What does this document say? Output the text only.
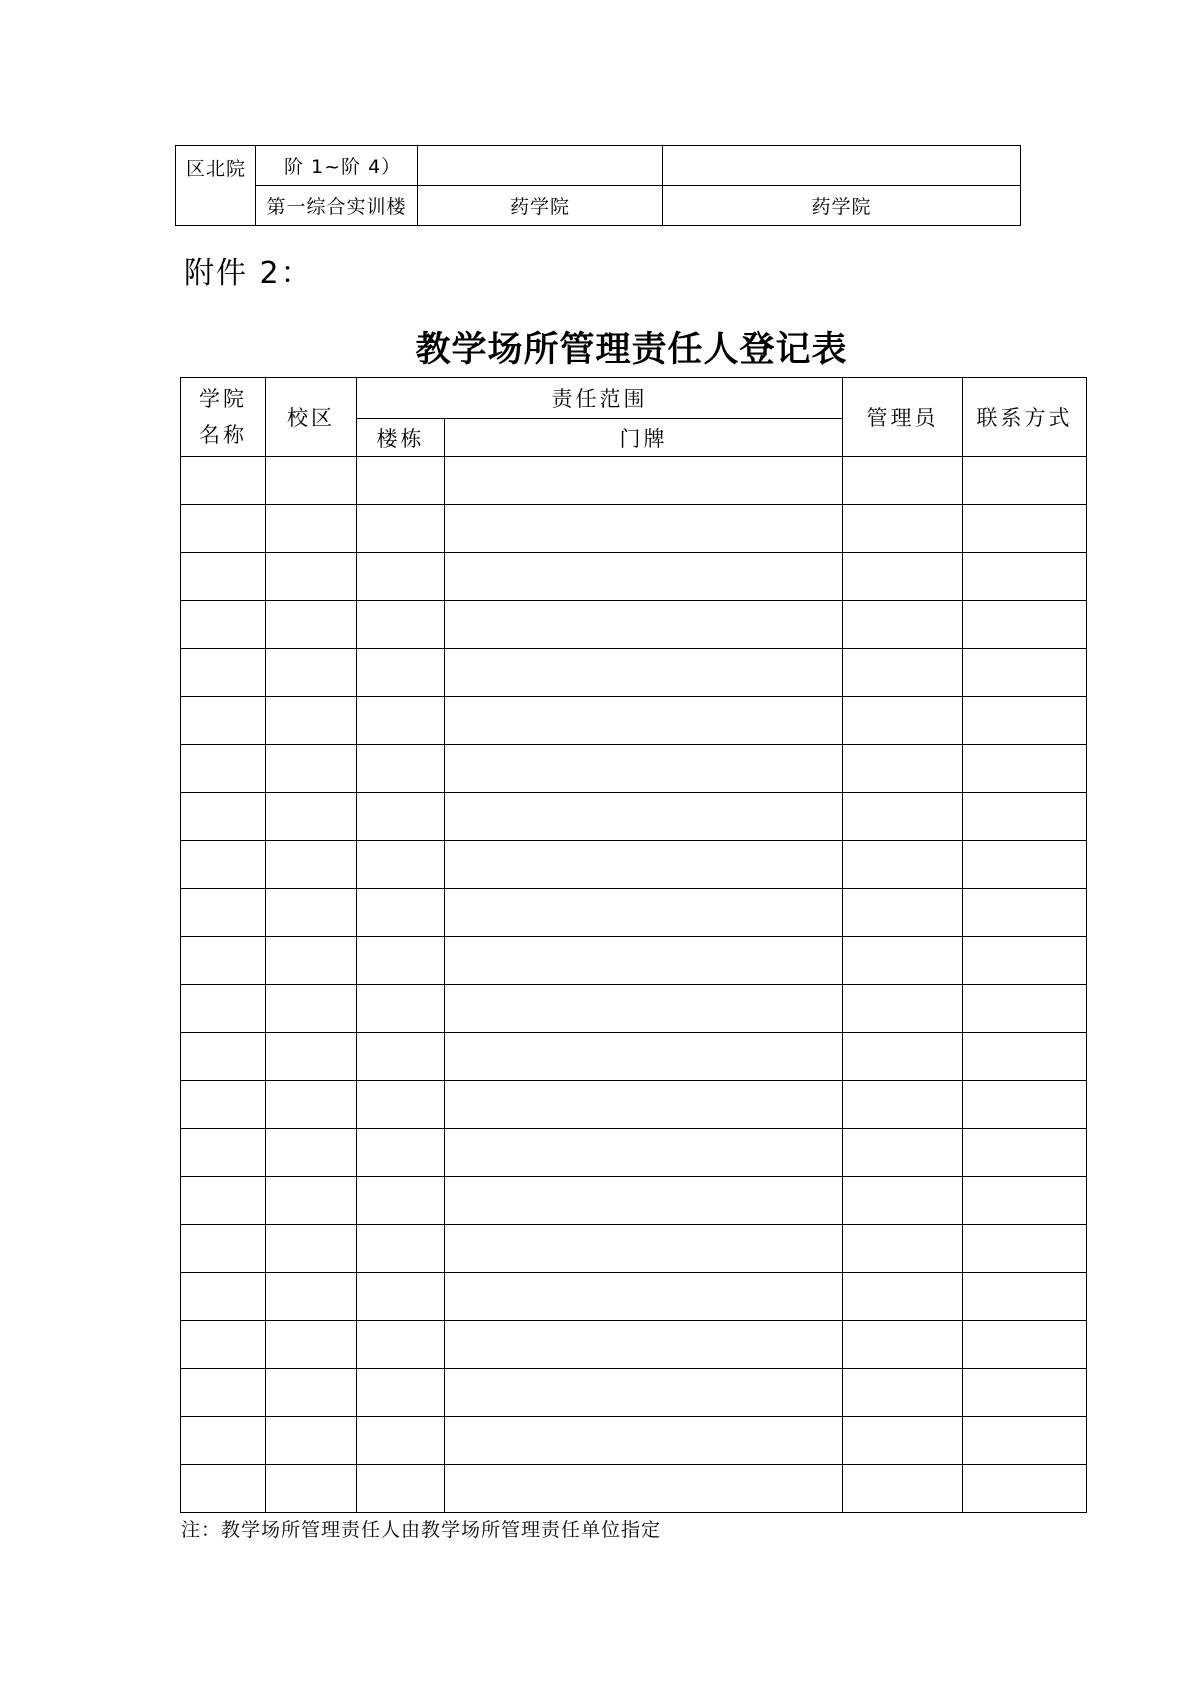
区北院	阶 1~阶 4）		
	第一综合实训楼	药学院	药学院
附件 2：
教学场所管理责任人登记表
学院
名称	校区	责任范围		管理员	联系方式
		楼栋	门牌		

注：教学场所管理责任人由教学场所管理责任单位指定
